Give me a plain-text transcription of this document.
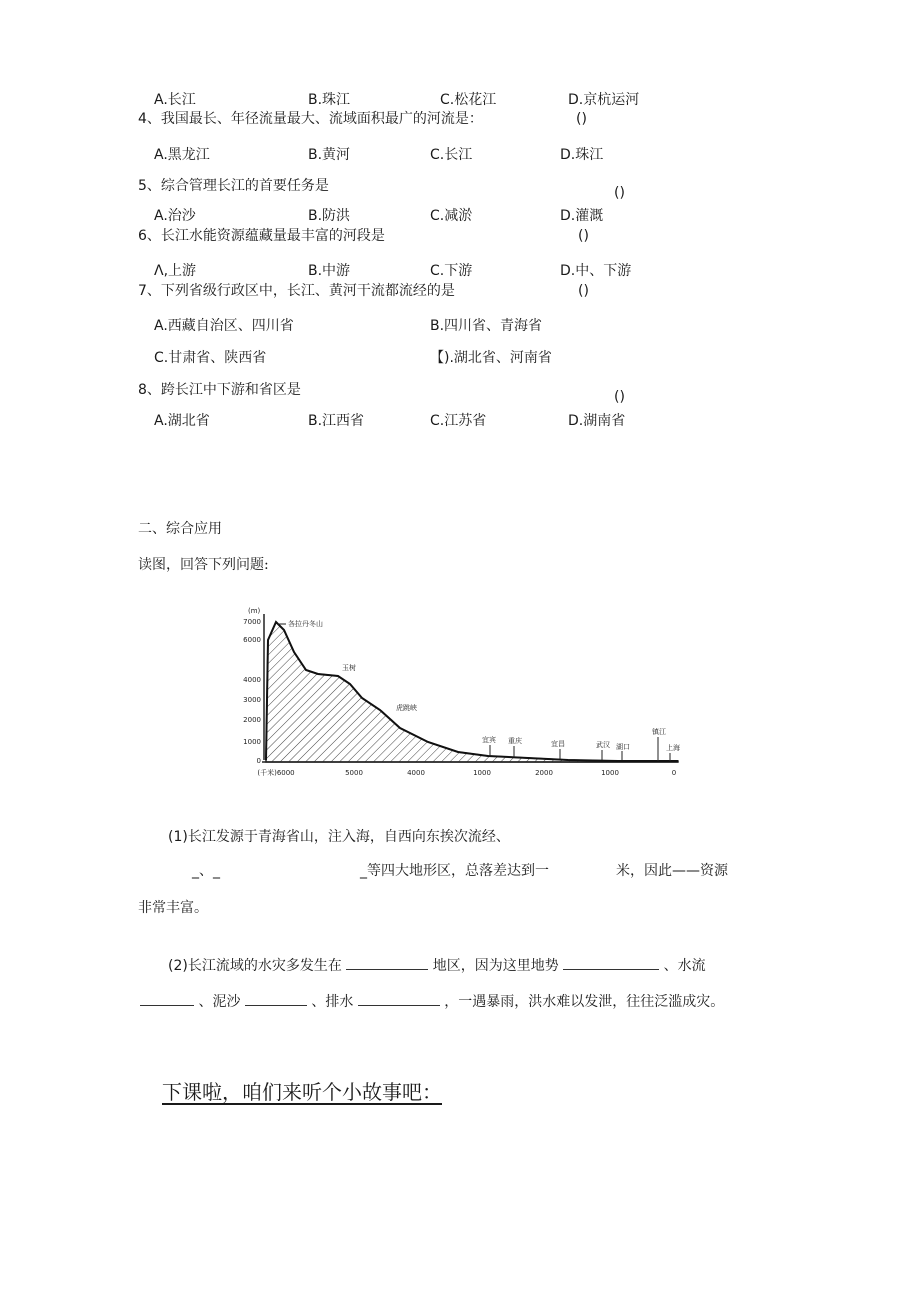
A.长江	B.珠江	C.松花江	D.京杭运河
4、我国最长、年径流量最大、流域面积最广的河流是：	()
A.黑龙江	B.黄河	C.长江	D.珠江
5、综合管理长江的首要任务是	()
A.治沙	B.防洪	C.减淤	D.灌溉
6、长江水能资源蕴藏量最丰富的河段是	()
Λ,上游	B.中游	C.下游	D.中、下游
7、下列省级行政区中，长江、黄河干流都流经的是	()
A.西藏自治区、四川省	B.四川省、青海省
C.甘肃省、陕西省	【).湖北省、河南省
8、跨长江中下游和省区是	()
A.湖北省	B.江西省	C.江苏省	D.湖南省
二、综合应用
读图，回答下列问题:
(m)
7000
6000
4000
3000
2000
1000
0
各拉丹冬山
玉树
虎跳峡
宜宾 重庆	宜昌	武汉 湖口
镇江
上海
(千米)6000	5000	4000	1000	2000	1000	0
(1)长江发源于青海省山，注入海，自西向东挨次流经、
_、_	_等四大地形区，总落差达到一	米，因此——资源
非常丰富。
(2)长江流域的水灾多发生在	地区，因为这里地势	、水流
、泥沙	、排水	，一遇暴雨，洪水难以发泄，往往泛滥成灾。
下课啦，咱们来听个小故事吧：
